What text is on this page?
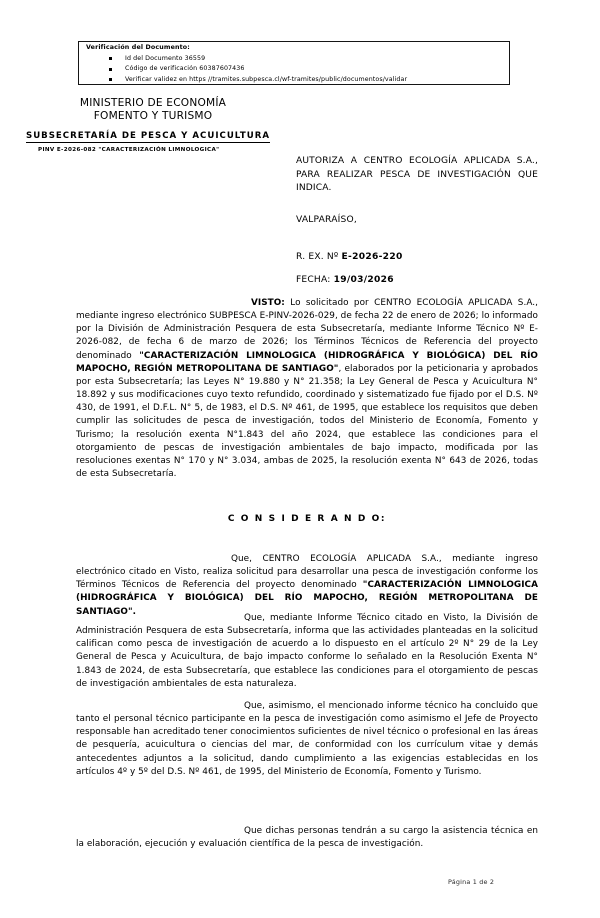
Verificación del Documento:
Id del Documento 36559
Código de verificación 60387607436
Verificar validez en https //tramites.subpesca.cl/wf-tramites/public/documentos/validar
MINISTERIO DE ECONOMÍA
FOMENTO Y TURISMO
SUBSECRETARÍA DE PESCA Y ACUICULTURA
PINV E-2026-082 "CARACTERIZACIÓN LIMNOLOGICA"
AUTORIZA A CENTRO ECOLOGÍA APLICADA S.A., PARA REALIZAR PESCA DE INVESTIGACIÓN QUE INDICA.
VALPARAÍSO,
R. EX. Nº E-2026-220
FECHA: 19/03/2026
VISTO: Lo solicitado por CENTRO ECOLOGÍA APLICADA S.A., mediante ingreso electrónico SUBPESCA E-PINV-2026-029, de fecha 22 de enero de 2026; lo informado por la División de Administración Pesquera de esta Subsecretaría, mediante Informe Técnico Nº E-2026-082, de fecha 6 de marzo de 2026; los Términos Técnicos de Referencia del proyecto denominado "CARACTERIZACIÓN LIMNOLOGICA (HIDROGRÁFICA Y BIOLÓGICA) DEL RÍO MAPOCHO, REGIÓN METROPOLITANA DE SANTIAGO", elaborados por la peticionaria y aprobados por esta Subsecretaría; las Leyes N° 19.880 y N° 21.358; la Ley General de Pesca y Acuicultura N° 18.892 y sus modificaciones cuyo texto refundido, coordinado y sistematizado fue fijado por el D.S. Nº 430, de 1991, el D.F.L. N° 5, de 1983, el D.S. Nº 461, de 1995, que establece los requisitos que deben cumplir las solicitudes de pesca de investigación, todos del Ministerio de Economía, Fomento y Turismo; la resolución exenta N°1.843 del año 2024, que establece las condiciones para el otorgamiento de pescas de investigación ambientales de bajo impacto, modificada por las resoluciones exentas N° 170 y N° 3.034, ambas de 2025, la resolución exenta N° 643 de 2026, todas de esta Subsecretaría.
C O N S I D E R A N D O:
Que, CENTRO ECOLOGÍA APLICADA S.A., mediante ingreso electrónico citado en Visto, realiza solicitud para desarrollar una pesca de investigación conforme los Términos Técnicos de Referencia del proyecto denominado "CARACTERIZACIÓN LIMNOLOGICA (HIDROGRÁFICA Y BIOLÓGICA) DEL RÍO MAPOCHO, REGIÓN METROPOLITANA DE SANTIAGO".
Que, mediante Informe Técnico citado en Visto, la División de Administración Pesquera de esta Subsecretaría, informa que las actividades planteadas en la solicitud califican como pesca de investigación de acuerdo a lo dispuesto en el artículo 2º N° 29 de la Ley General de Pesca y Acuicultura, de bajo impacto conforme lo señalado en la Resolución Exenta N° 1.843 de 2024, de esta Subsecretaría, que establece las condiciones para el otorgamiento de pescas de investigación ambientales de esta naturaleza.
Que, asimismo, el mencionado informe técnico ha concluido que tanto el personal técnico participante en la pesca de investigación como asimismo el Jefe de Proyecto responsable han acreditado tener conocimientos suficientes de nivel técnico o profesional en las áreas de pesquería, acuicultura o ciencias del mar, de conformidad con los currículum vitae y demás antecedentes adjuntos a la solicitud, dando cumplimiento a las exigencias establecidas en los artículos 4º y 5º del D.S. Nº 461, de 1995, del Ministerio de Economía, Fomento y Turismo.
Que dichas personas tendrán a su cargo la asistencia técnica en la elaboración, ejecución y evaluación científica de la pesca de investigación.
Página 1 de 2
